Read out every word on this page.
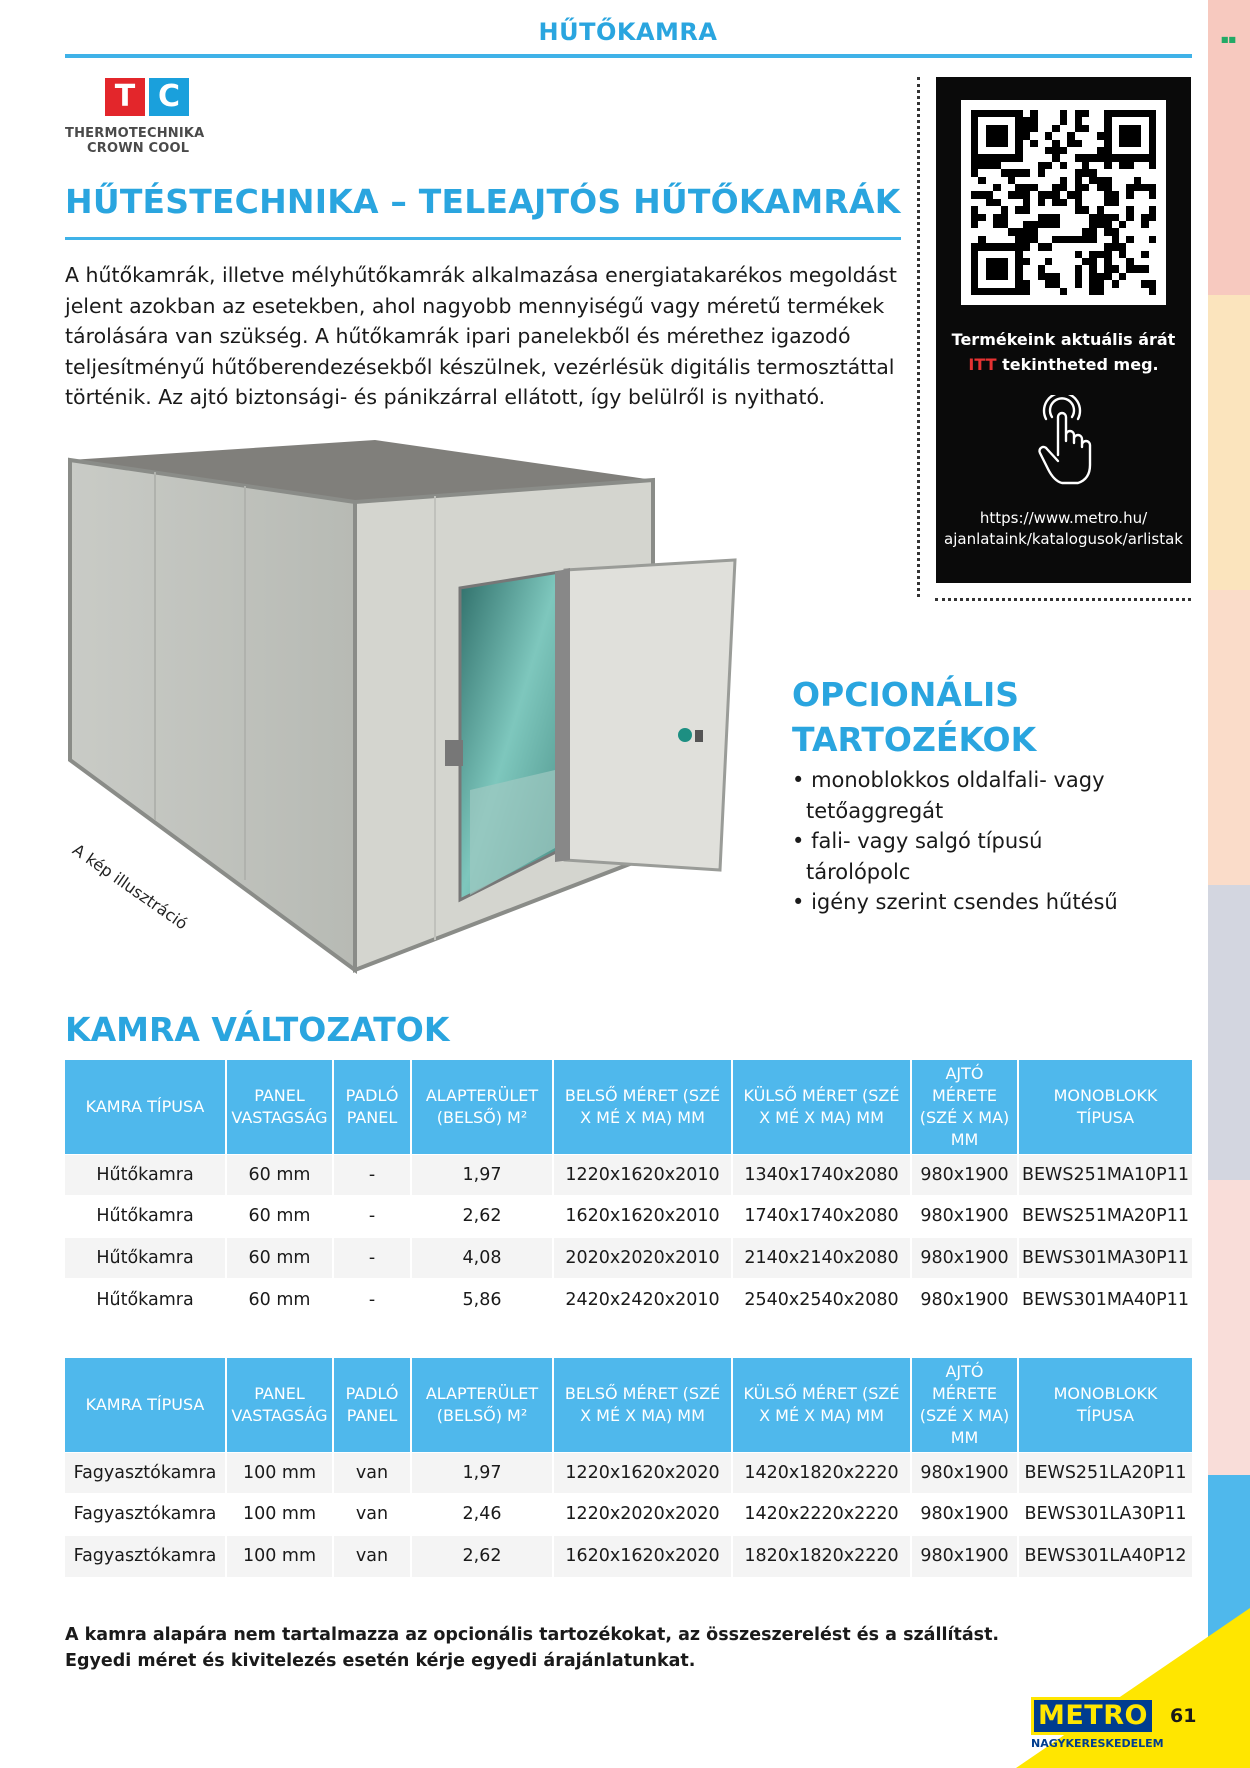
■■
HŰTŐKAMRA
T C
THERMOTECHNIKA
CROWN COOL
HŰTÉSTECHNIKA – TELEAJTÓS HŰTŐKAMRÁK

A hűtőkamrák, illetve mélyhűtőkamrák alkalmazása energiatakarékos megoldást jelent azokban az esetekben, ahol nagyobb mennyiségű vagy méretű termékek tárolására van szükség. A hűtőkamrák ipari panelekből és mérethez igazodó teljesítményű hűtőberendezésekből készülnek, vezérlésük digitális termosztáttal történik. Az ajtó biztonsági- és pánikzárral ellátott, így belülről is nyitható.

Termékeink aktuális árát
ITT tekintheted meg.
https://www.metro.hu/
ajanlataink/katalogusok/arlistak
A kép illusztráció
OPCIONÁLIS TARTOZÉKOK
• monoblokkos oldalfali- vagy tetőaggregát
• fali- vagy salgó típusú tárolópolc
• igény szerint csendes hűtésű
KAMRA VÁLTOZATOK
KAMRA TÍPUSA	PANEL VASTAGSÁG	PADLÓ PANEL	ALAPTERÜLET (BELSŐ) M²	BELSŐ MÉRET (SZÉ X MÉ X MA) MM	KÜLSŐ MÉRET (SZÉ X MÉ X MA) MM	AJTÓ MÉRETE (SZÉ X MA) MM	MONOBLOKK TÍPUSA
Hűtőkamra	60 mm	-	1,97	1220x1620x2010	1340x1740x2080	980x1900	BEWS251MA10P11
Hűtőkamra	60 mm	-	2,62	1620x1620x2010	1740x1740x2080	980x1900	BEWS251MA20P11
Hűtőkamra	60 mm	-	4,08	2020x2020x2010	2140x2140x2080	980x1900	BEWS301MA30P11
Hűtőkamra	60 mm	-	5,86	2420x2420x2010	2540x2540x2080	980x1900	BEWS301MA40P11
KAMRA TÍPUSA	PANEL VASTAGSÁG	PADLÓ PANEL	ALAPTERÜLET (BELSŐ) M²	BELSŐ MÉRET (SZÉ X MÉ X MA) MM	KÜLSŐ MÉRET (SZÉ X MÉ X MA) MM	AJTÓ MÉRETE (SZÉ X MA) MM	MONOBLOKK TÍPUSA
Fagyasztókamra	100 mm	van	1,97	1220x1620x2020	1420x1820x2220	980x1900	BEWS251LA20P11
Fagyasztókamra	100 mm	van	2,46	1220x2020x2020	1420x2220x2220	980x1900	BEWS301LA30P11
Fagyasztókamra	100 mm	van	2,62	1620x1620x2020	1820x1820x2220	980x1900	BEWS301LA40P12
A kamra alapára nem tartalmazza az opcionális tartozékokat, az összeszerelést és a szállítást.
Egyedi méret és kivitelezés esetén kérje egyedi árajánlatunkat.
METRO
NAGYKERESKEDELEM
61
